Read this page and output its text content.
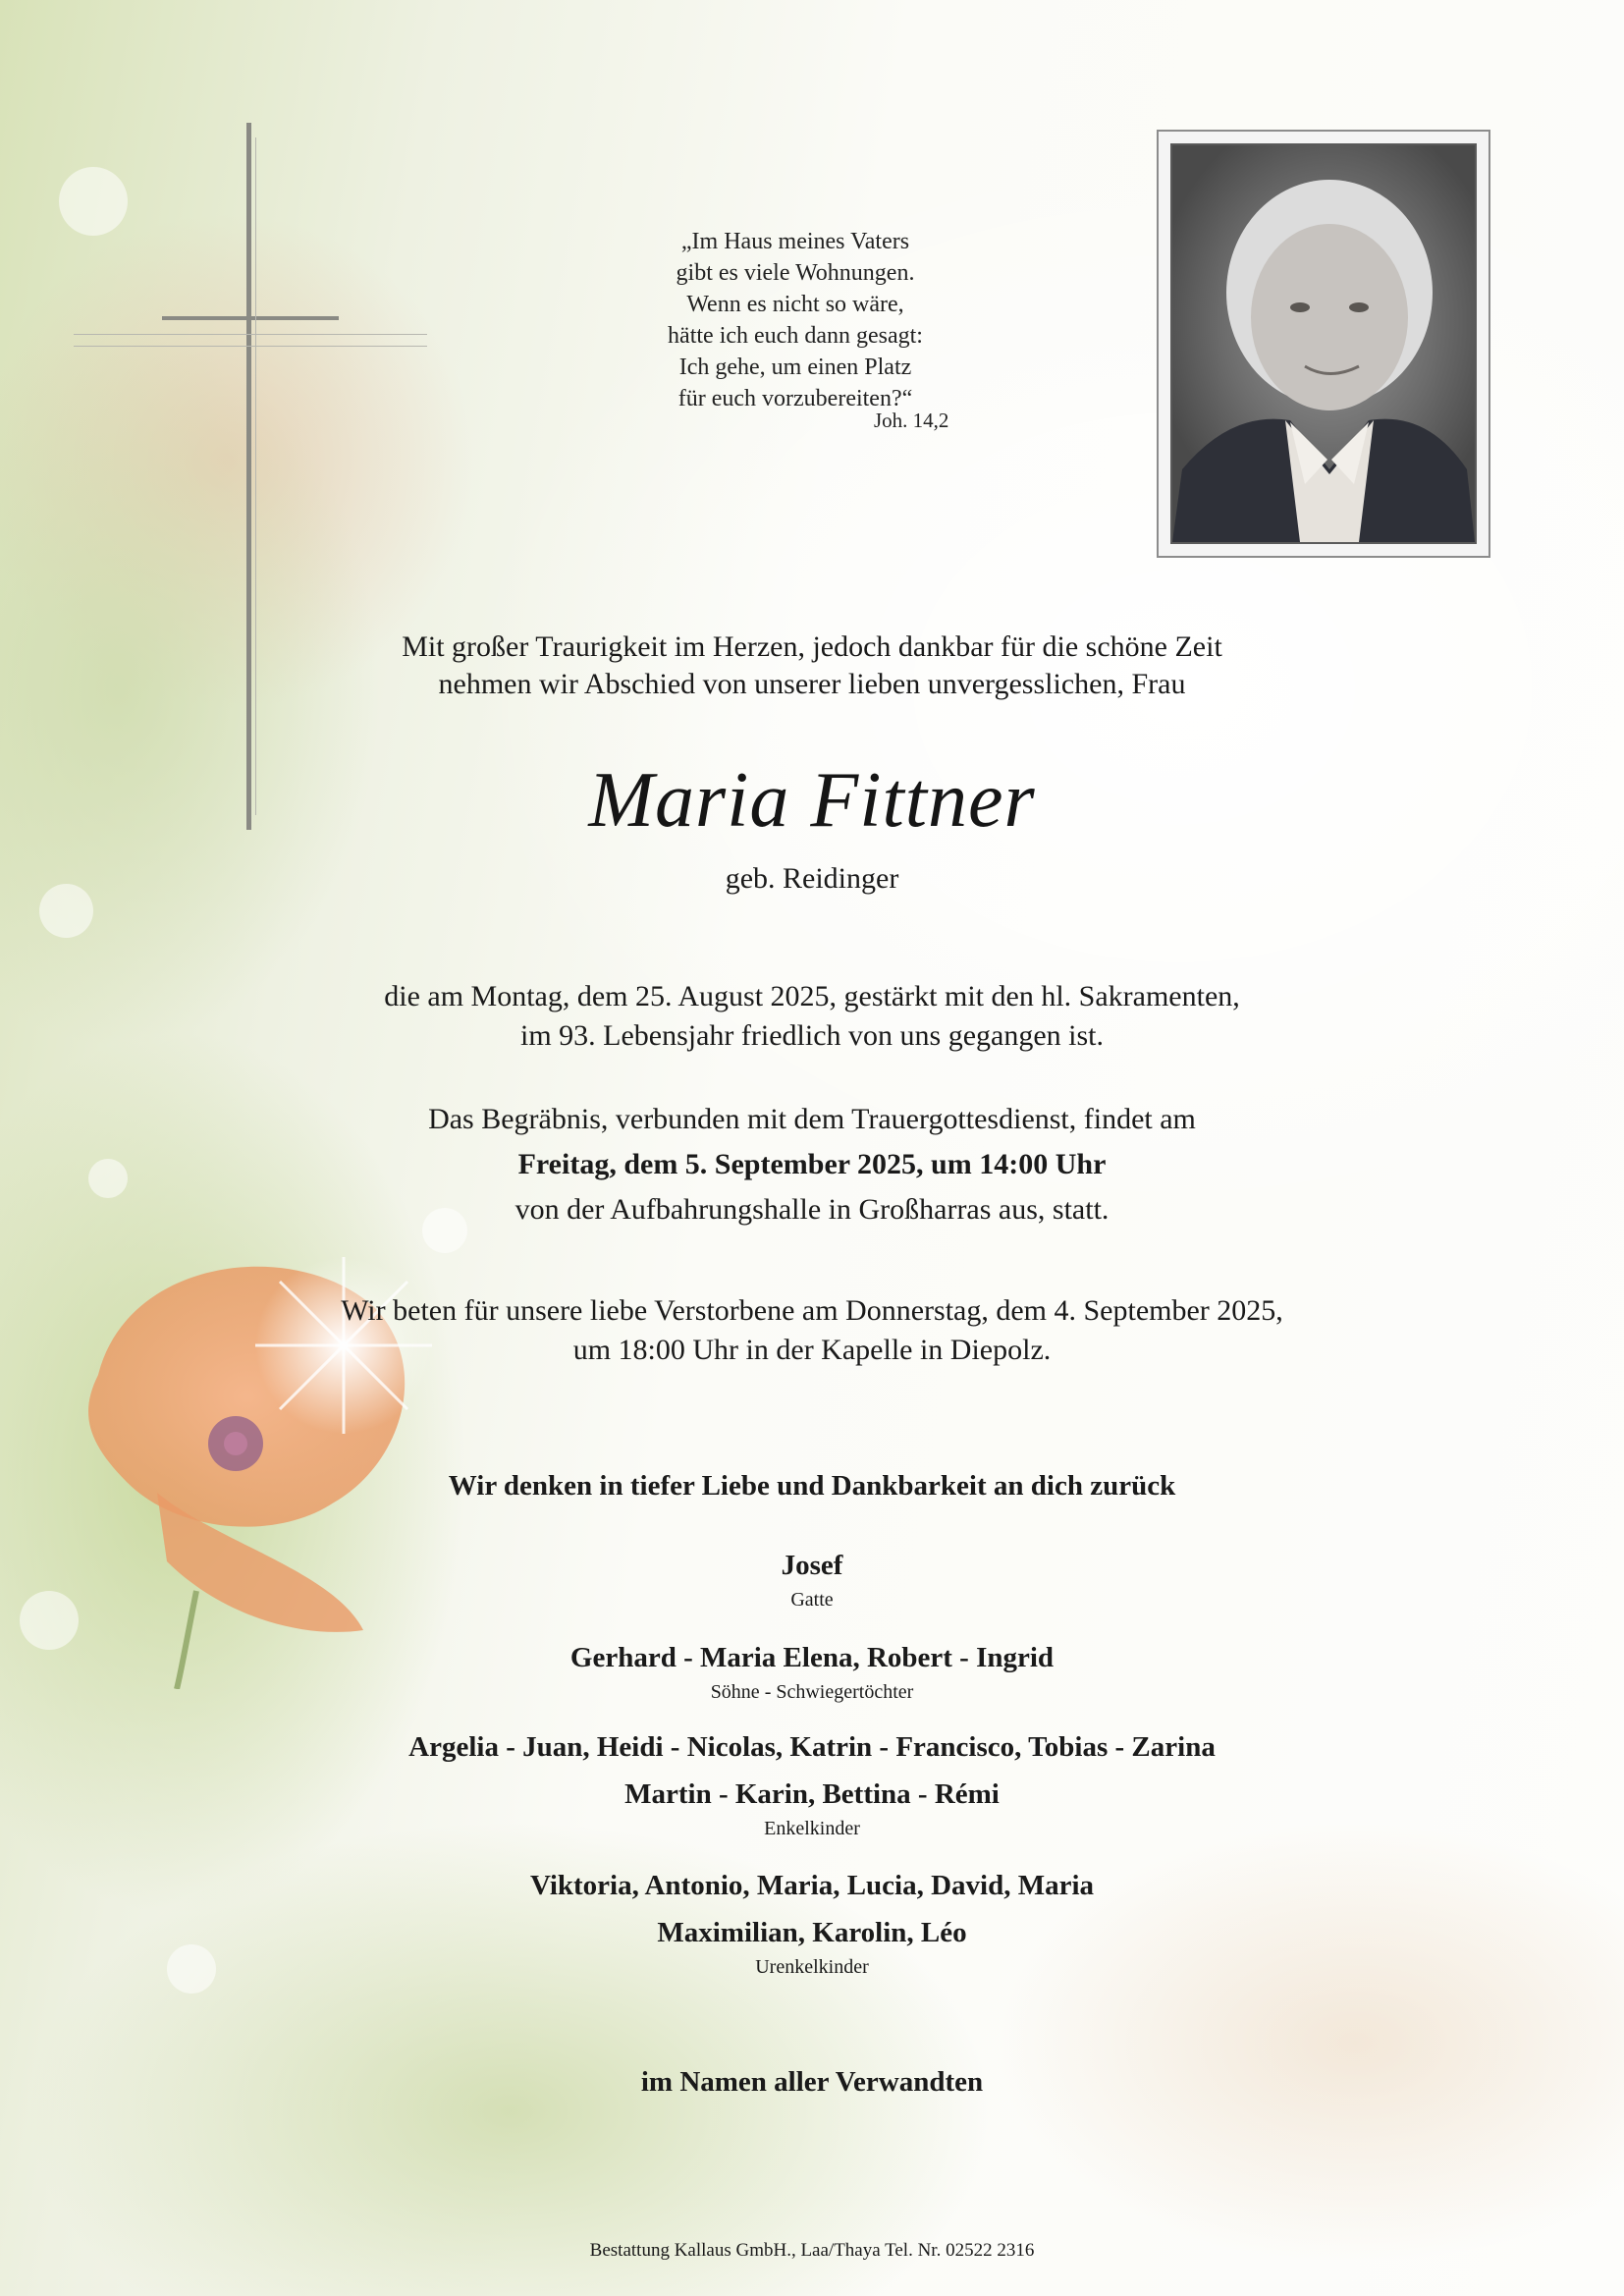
„Im Haus meines Vaters
gibt es viele Wohnungen.
Wenn es nicht so wäre,
hätte ich euch dann gesagt:
Ich gehe, um einen Platz
für euch vorzubereiten?“
Joh. 14,2
Mit großer Traurigkeit im Herzen, jedoch dankbar für die schöne Zeit
nehmen wir Abschied von unserer lieben unvergesslichen, Frau
Maria Fittner
geb. Reidinger
die am Montag, dem 25. August 2025, gestärkt mit den hl. Sakramenten,
im 93. Lebensjahr friedlich von uns gegangen ist.
Das Begräbnis, verbunden mit dem Trauergottesdienst, findet am
Freitag, dem 5. September 2025, um 14:00 Uhr
von der Aufbahrungshalle in Großharras aus, statt.
Wir beten für unsere liebe Verstorbene am Donnerstag, dem 4. September 2025,
um 18:00 Uhr in der Kapelle in Diepolz.
Wir denken in tiefer Liebe und Dankbarkeit an dich zurück
Josef
Gatte
Gerhard - Maria Elena, Robert - Ingrid
Söhne - Schwiegertöchter
Argelia - Juan, Heidi - Nicolas, Katrin - Francisco, Tobias - Zarina
Martin - Karin, Bettina - Rémi
Enkelkinder
Viktoria, Antonio, Maria, Lucia, David, Maria
Maximilian, Karolin, Léo
Urenkelkinder
im Namen aller Verwandten
Bestattung Kallaus GmbH., Laa/Thaya Tel. Nr. 02522 2316
